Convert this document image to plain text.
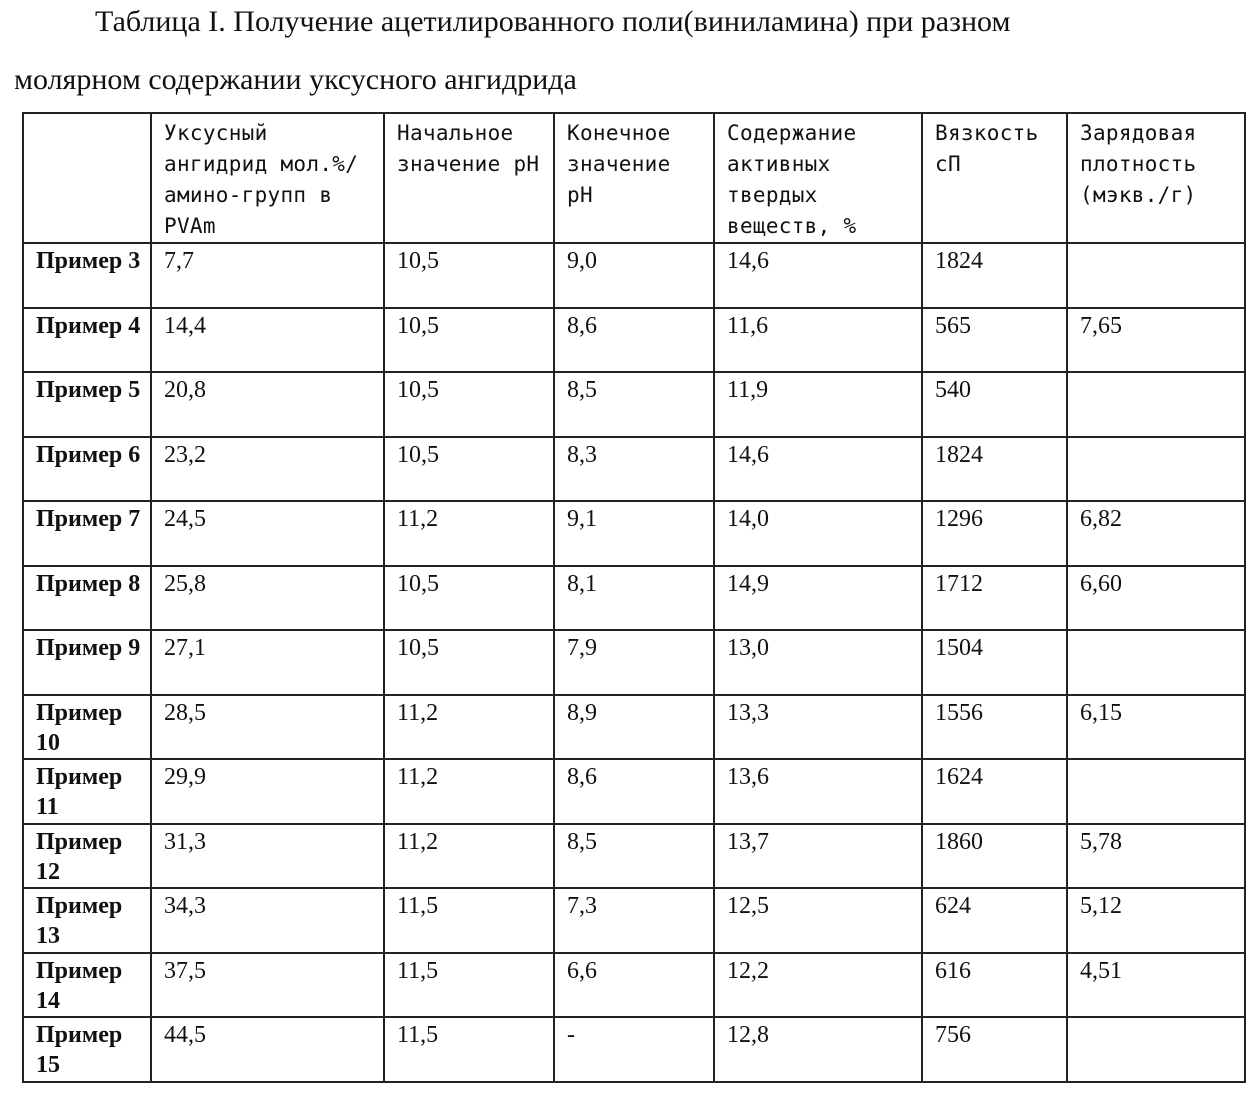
Таблица I. Получение ацетилированного поли(виниламина) при разном
молярном содержании уксусного ангидрида
	Уксусный ангидрид мол.%/амино-групп в PVAm	Начальное значение pH	Конечное значение pH	Содержание активных твердых веществ, %	Вязкость сП	Зарядовая плотность (мэкв./г)
Пример 3	7,7	10,5	9,0	14,6	1824	
Пример 4	14,4	10,5	8,6	11,6	565	7,65
Пример 5	20,8	10,5	8,5	11,9	540	
Пример 6	23,2	10,5	8,3	14,6	1824	
Пример 7	24,5	11,2	9,1	14,0	1296	6,82
Пример 8	25,8	10,5	8,1	14,9	1712	6,60
Пример 9	27,1	10,5	7,9	13,0	1504	
Пример 10	28,5	11,2	8,9	13,3	1556	6,15
Пример 11	29,9	11,2	8,6	13,6	1624	
Пример 12	31,3	11,2	8,5	13,7	1860	5,78
Пример 13	34,3	11,5	7,3	12,5	624	5,12
Пример 14	37,5	11,5	6,6	12,2	616	4,51
Пример 15	44,5	11,5	-	12,8	756	
